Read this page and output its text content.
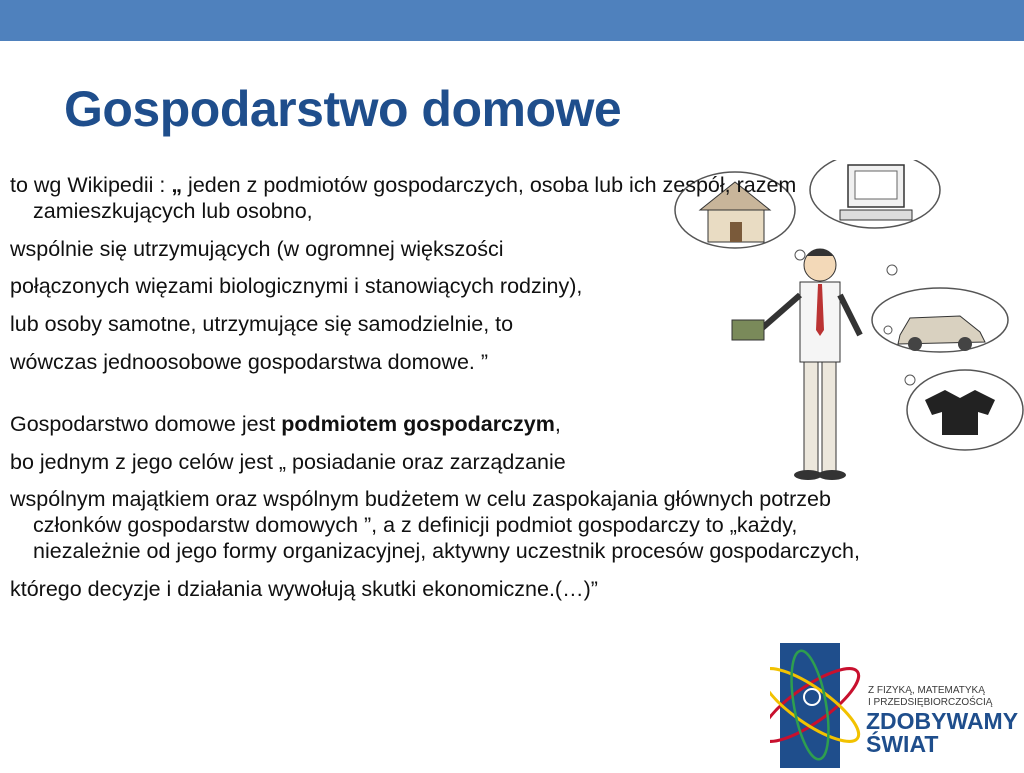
Gospodarstwo domowe

to wg Wikipedii : „ jeden z podmiotów gospodarczych, osoba lub ich zespół, razem zamieszkujących lub osobno,

wspólnie się utrzymujących (w ogromnej większości

połączonych więzami biologicznymi i stanowiących rodziny),

lub osoby samotne, utrzymujące się samodzielnie, to

wówczas jednoosobowe gospodarstwa domowe. ”

Gospodarstwo domowe jest podmiotem gospodarczym,

bo jednym z jego celów jest „ posiadanie oraz zarządzanie

wspólnym majątkiem oraz wspólnym budżetem w celu zaspokajania głównych potrzeb członków gospodarstw domowych ”, a z definicji podmiot gospodarczy to „każdy, niezależnie od jego formy organizacyjnej, aktywny uczestnik procesów gospodarczych,

którego decyzje i działania wywołują skutki ekonomiczne.(…)”

Z FIZYKĄ, MATEMATYKĄ
I PRZEDSIĘBIORCZOŚCIĄ
ZDOBYWAMY
ŚWIAT
